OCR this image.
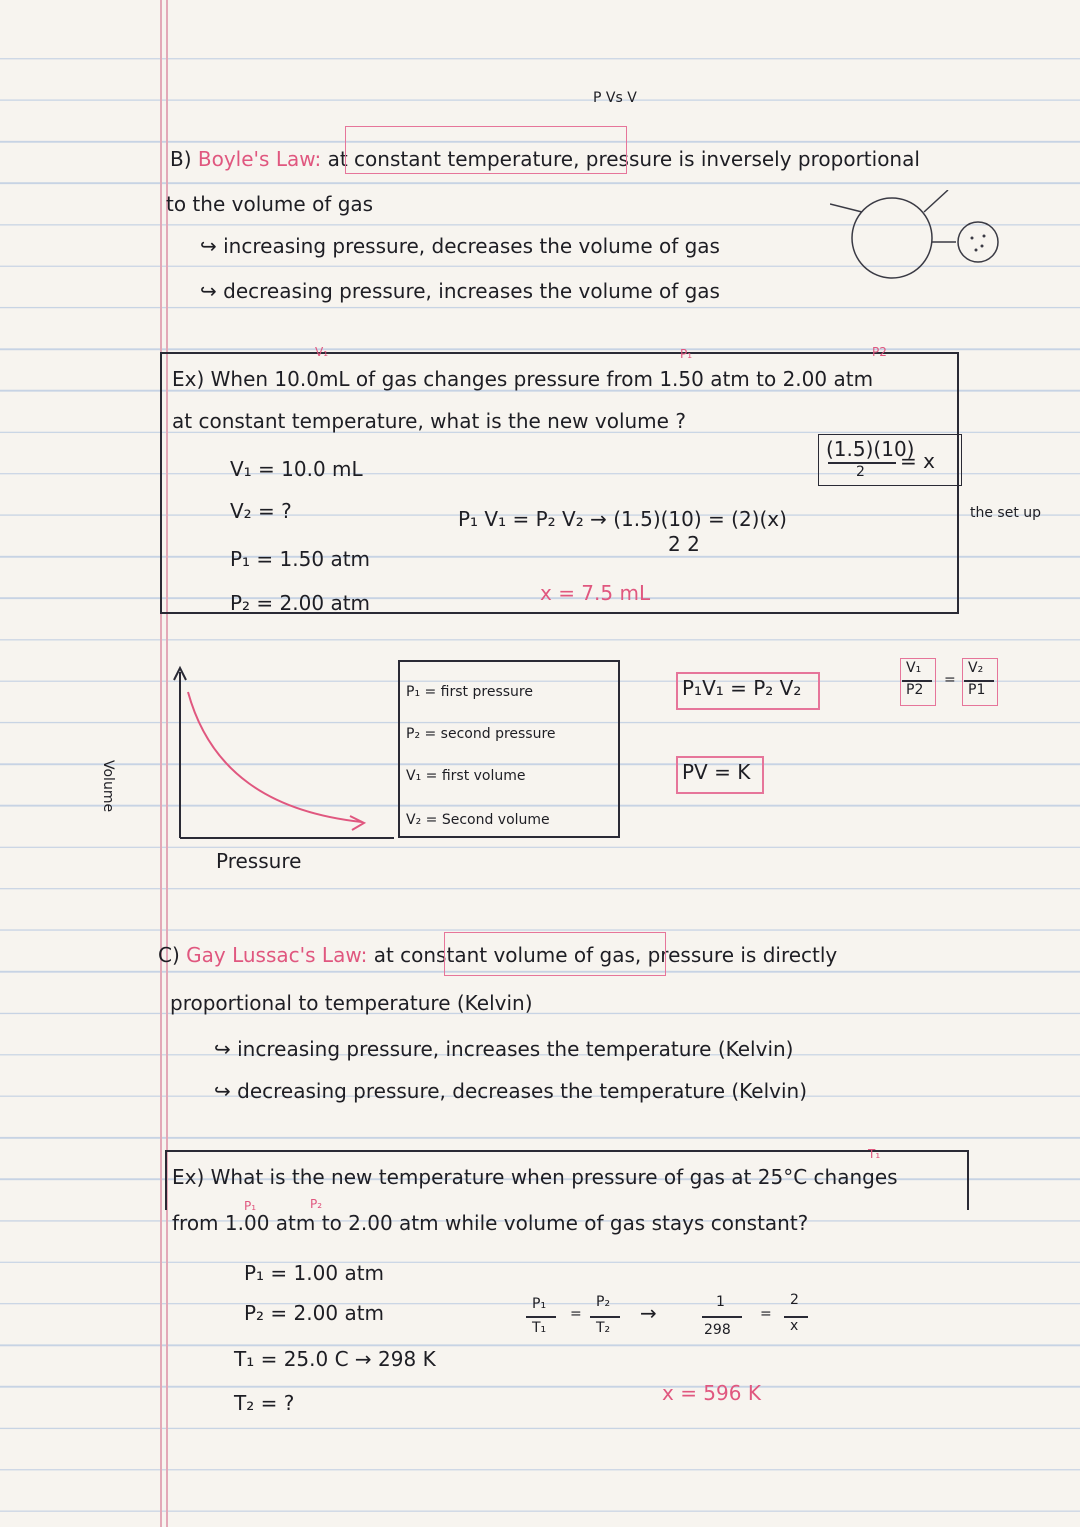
P Vs V
B) Boyle's Law: at constant temperature, pressure is inversely proportional
to the volume of gas
↪ increasing pressure, decreases the volume of gas
↪ decreasing pressure, increases the volume of gas
V₁	P₁	P2
Ex) When 10.0mL of gas changes pressure from 1.50 atm to 2.00 atm
at constant temperature, what is the new volume ?
V₁ = 10.0 mL
V₂ = ?
P₁ = 1.50 atm
P₂ = 2.00 atm
P₁ V₁ = P₂ V₂ → (1.5)(10) = (2)(x)
2 2
x = 7.5 mL
(1.5)(10)
2 = x
the set up
Volume
Pressure
P₁ = first pressure
P₂ = second pressure
V₁ = first volume
V₂ = Second volume
P₁V₁ = P₂ V₂
PV = K
V₁
P2
=
V₂
P1
C) Gay Lussac's Law: at constant volume of gas, pressure is directly
proportional to temperature (Kelvin)
↪ increasing pressure, increases the temperature (Kelvin)
↪ decreasing pressure, decreases the temperature (Kelvin)
T₁
P₁	P₂
Ex) What is the new temperature when pressure of gas at 25°C changes
from 1.00 atm to 2.00 atm while volume of gas stays constant?
P₁ = 1.00 atm
P₂ = 2.00 atm
T₁ = 25.0 C → 298 K
T₂ = ?
P₁
T₁
=
P₂
T₂
→	1
298
=
2
x
x = 596 K
